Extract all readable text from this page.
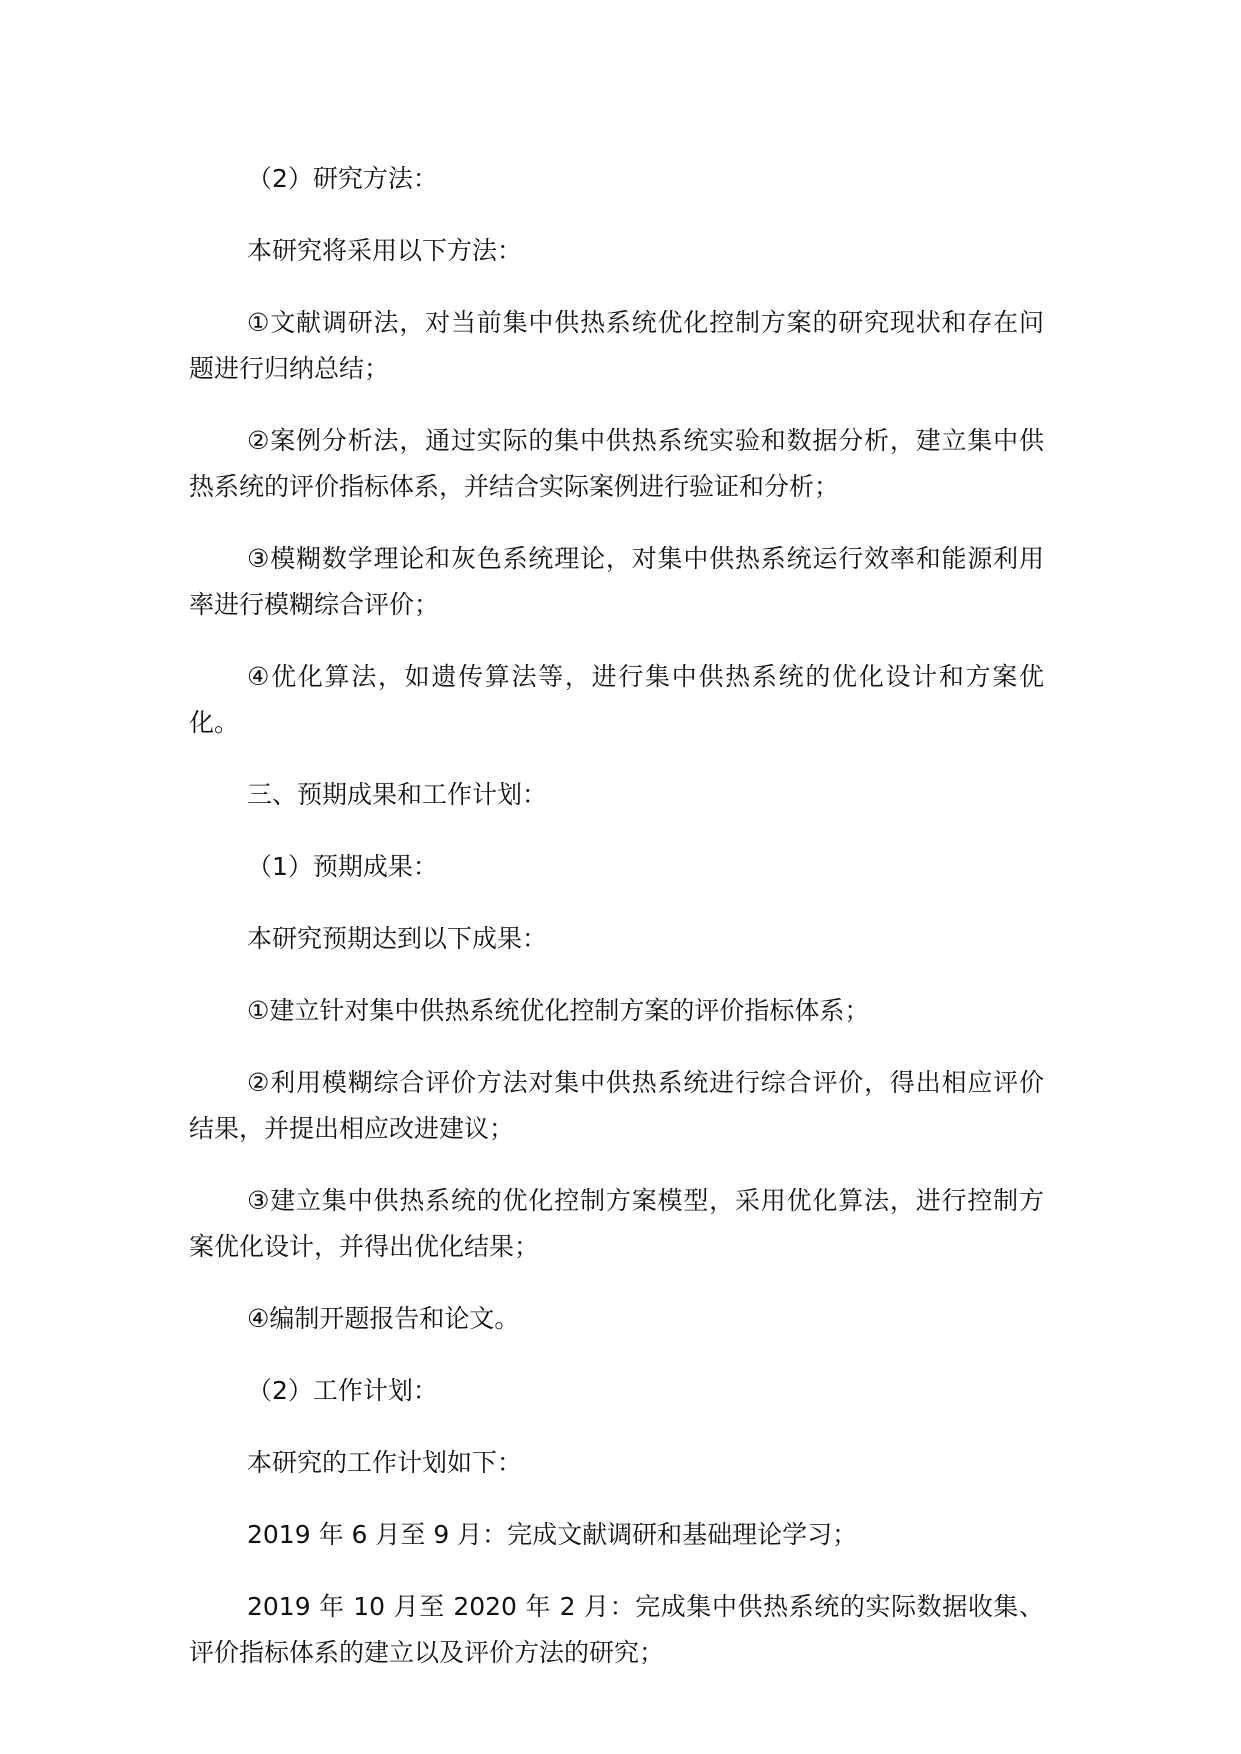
（2）研究方法：

本研究将采用以下方法：

①文献调研法，对当前集中供热系统优化控制方案的研究现状和存在问题进行归纳总结；

②案例分析法，通过实际的集中供热系统实验和数据分析，建立集中供热系统的评价指标体系，并结合实际案例进行验证和分析；

③模糊数学理论和灰色系统理论，对集中供热系统运行效率和能源利用率进行模糊综合评价；

④优化算法，如遗传算法等，进行集中供热系统的优化设计和方案优化。

三、预期成果和工作计划：

（1）预期成果：

本研究预期达到以下成果：

①建立针对集中供热系统优化控制方案的评价指标体系；

②利用模糊综合评价方法对集中供热系统进行综合评价，得出相应评价结果，并提出相应改进建议；

③建立集中供热系统的优化控制方案模型，采用优化算法，进行控制方案优化设计，并得出优化结果；

④编制开题报告和论文。

（2）工作计划：

本研究的工作计划如下：

2019 年 6 月至 9 月：完成文献调研和基础理论学习；

2019 年 10 月至 2020 年 2 月：完成集中供热系统的实际数据收集、评价指标体系的建立以及评价方法的研究；
